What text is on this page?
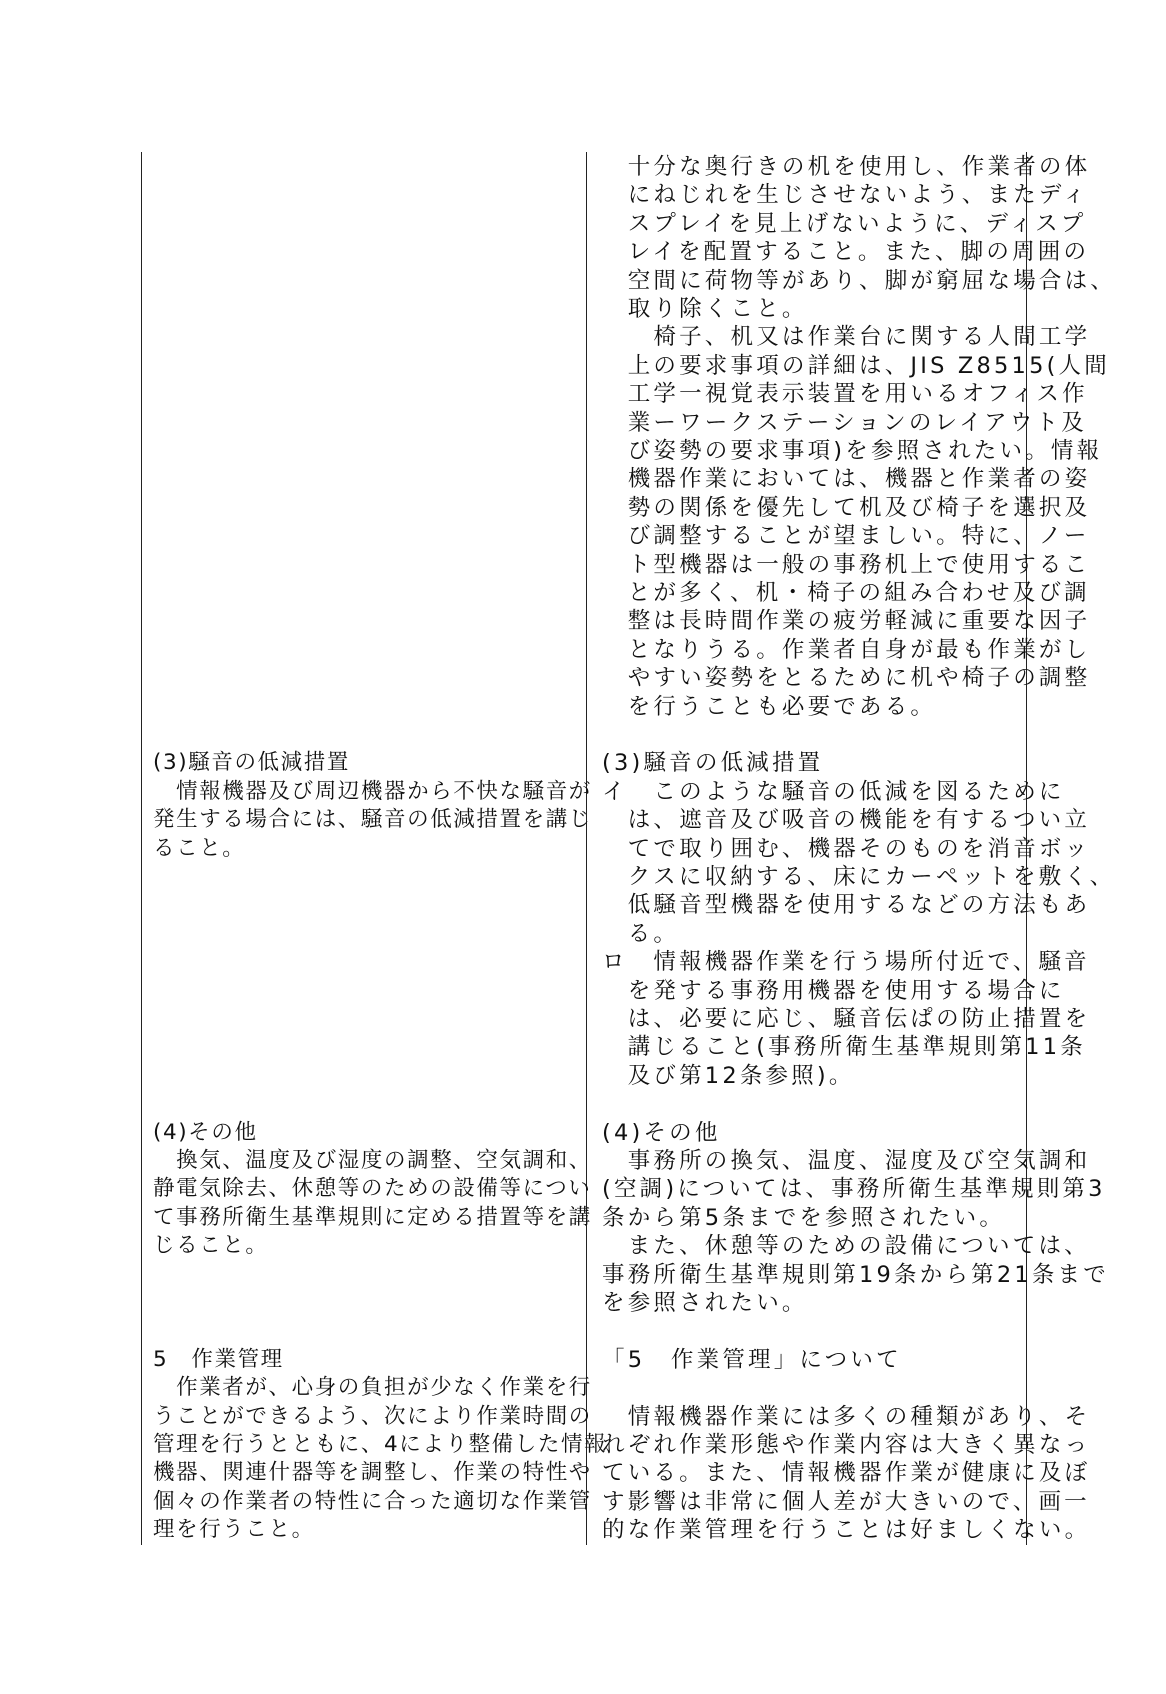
(3)騒音の低減措置
　情報機器及び周辺機器から不快な騒音が
発生する場合には、騒音の低減措置を講じ
ること。
(4)その他
　換気、温度及び湿度の調整、空気調和、
静電気除去、休憩等のための設備等につい
て事務所衛生基準規則に定める措置等を講
じること。
5　作業管理
　作業者が、心身の負担が少なく作業を行
うことができるよう、次により作業時間の
管理を行うとともに、4により整備した情報
機器、関連什器等を調整し、作業の特性や
個々の作業者の特性に合った適切な作業管
理を行うこと。
　十分な奥行きの机を使用し、作業者の体
　にねじれを生じさせないよう、またディ
　スプレイを見上げないように、ディスプ
　レイを配置すること。また、脚の周囲の
　空間に荷物等があり、脚が窮屈な場合は、
　取り除くこと。
　　椅子、机又は作業台に関する人間工学
　上の要求事項の詳細は、JIS Z8515(人間
　工学一視覚表示装置を用いるオフィス作
　業ーワークステーションのレイアウト及
　び姿勢の要求事項)を参照されたい。情報
　機器作業においては、機器と作業者の姿
　勢の関係を優先して机及び椅子を選択及
　び調整することが望ましい。特に、ノー
　ト型機器は一般の事務机上で使用するこ
　とが多く、机・椅子の組み合わせ及び調
　整は長時間作業の疲労軽減に重要な因子
　となりうる。作業者自身が最も作業がし
　やすい姿勢をとるために机や椅子の調整
　を行うことも必要である。
(3)騒音の低減措置
イ　このような騒音の低減を図るために
　は、遮音及び吸音の機能を有するつい立
　てで取り囲む、機器そのものを消音ボッ
　クスに収納する、床にカーペットを敷く、
　低騒音型機器を使用するなどの方法もあ
　る。
ロ　情報機器作業を行う場所付近で、騒音
　を発する事務用機器を使用する場合に
　は、必要に応じ、騒音伝ぱの防止措置を
　講じること(事務所衛生基準規則第11条
　及び第12条参照)。
(4)その他
　事務所の換気、温度、湿度及び空気調和
(空調)については、事務所衛生基準規則第3
条から第5条までを参照されたい。
　また、休憩等のための設備については、
事務所衛生基準規則第19条から第21条まで
を参照されたい。
「5　作業管理」について
　情報機器作業には多くの種類があり、そ
れぞれ作業形態や作業内容は大きく異なっ
ている。また、情報機器作業が健康に及ぼ
す影響は非常に個人差が大きいので、画一
的な作業管理を行うことは好ましくない。
